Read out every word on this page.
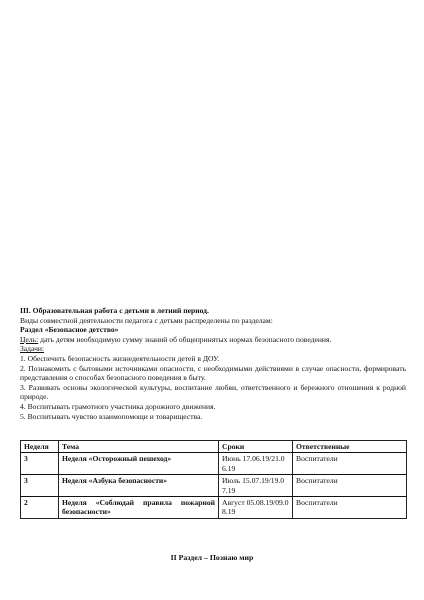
III. Образовательная работа с детьми в летний период.
Виды совместной деятельности педагога с детьми распределены по разделам:
Раздел «Безопасное детство»
Цель: дать детям необходимую сумму знаний об общепринятых нормах безопасного поведения.
Задачи:
1. Обеспечить безопасность жизнедеятельности детей в ДОУ.
2. Познакомить с бытовыми источниками опасности, с необходимыми действиями в случае опасности, формировать представления о способах безопасного поведения в быту.
3. Развивать основы экологической культуры, воспитание любви, ответственного и бережного отношения к родной природе.
4. Воспитывать грамотного участника дорожного движения.
5. Воспитывать чувство взаимопомощи и товарищества.
Неделя	Тема	Сроки	Ответственные
3	Неделя «Осторожный пешеход»	Июнь 17.06.19/21.06.19	Воспитатели
3	Неделя «Азбука безопасности»	Июль 15.07.19/19.07.19	Воспитатели
2	Неделя «Соблюдай правила пожарной безопасности»	Август 05.08.19/09.08.19	Воспитатели
II Раздел – Познаю мир
